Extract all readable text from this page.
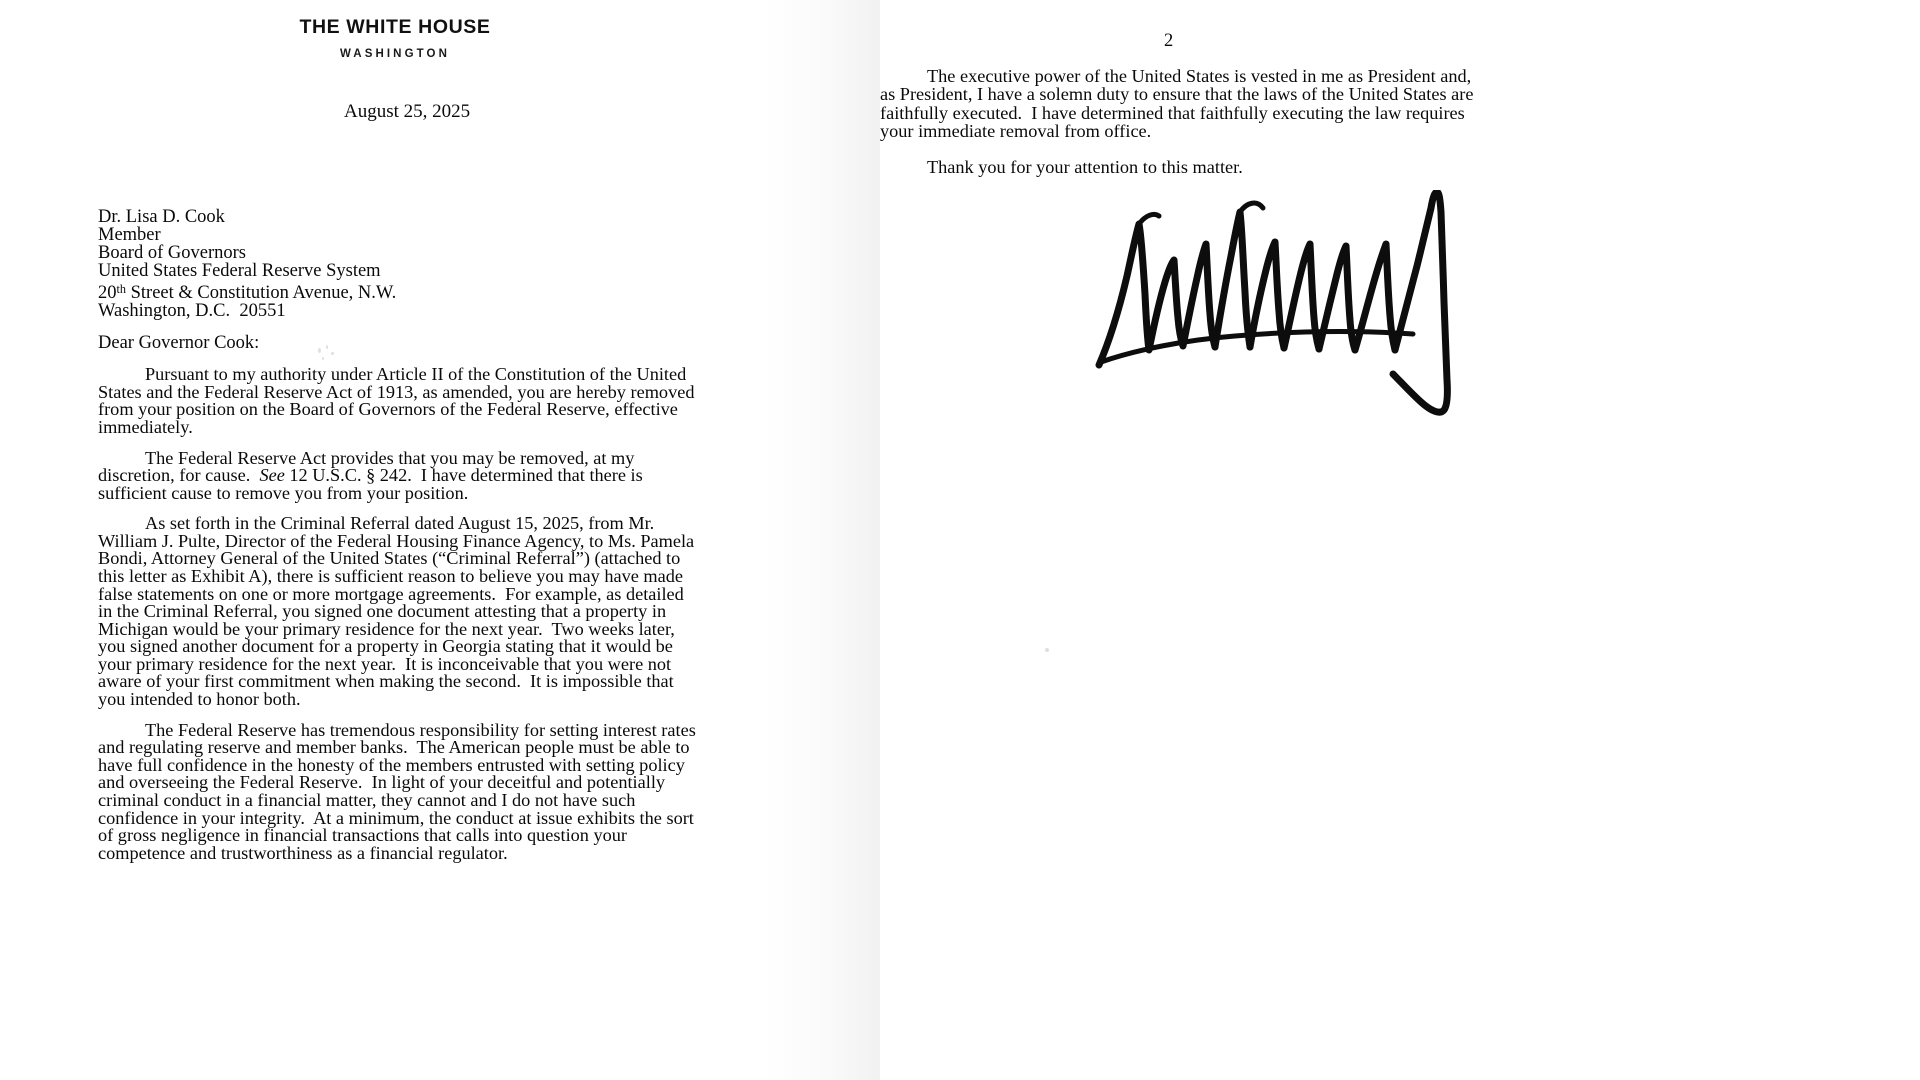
THE WHITE HOUSE
WASHINGTON
August 25, 2025
Dr. Lisa D. Cook
Member
Board of Governors
United States Federal Reserve System
20th Street & Constitution Avenue, N.W.
Washington, D.C.  20551
Dear Governor Cook:

Pursuant to my authority under Article II of the Constitution of the United States and the Federal Reserve Act of 1913, as amended, you are hereby removed from your position on the Board of Governors of the Federal Reserve, effective immediately.

The Federal Reserve Act provides that you may be removed, at my discretion, for cause.  See 12 U.S.C. § 242.  I have determined that there is sufficient cause to remove you from your position.

As set forth in the Criminal Referral dated August 15, 2025, from Mr. William J. Pulte, Director of the Federal Housing Finance Agency, to Ms. Pamela Bondi, Attorney General of the United States (“Criminal Referral”) (attached to this letter as Exhibit A), there is sufficient reason to believe you may have made false statements on one or more mortgage agreements.  For example, as detailed in the Criminal Referral, you signed one document attesting that a property in Michigan would be your primary residence for the next year.  Two weeks later, you signed another document for a property in Georgia stating that it would be your primary residence for the next year.  It is inconceivable that you were not aware of your first commitment when making the second.  It is impossible that you intended to honor both.

The Federal Reserve has tremendous responsibility for setting interest rates and regulating reserve and member banks.  The American people must be able to have full confidence in the honesty of the members entrusted with setting policy and overseeing the Federal Reserve.  In light of your deceitful and potentially criminal conduct in a financial matter, they cannot and I do not have such confidence in your integrity.  At a minimum, the conduct at issue exhibits the sort of gross negligence in financial transactions that calls into question your competence and trustworthiness as a financial regulator.

2

The executive power of the United States is vested in me as President and, as President, I have a solemn duty to ensure that the laws of the United States are faithfully executed.  I have determined that faithfully executing the law requires your immediate removal from office.

Thank you for your attention to this matter.
